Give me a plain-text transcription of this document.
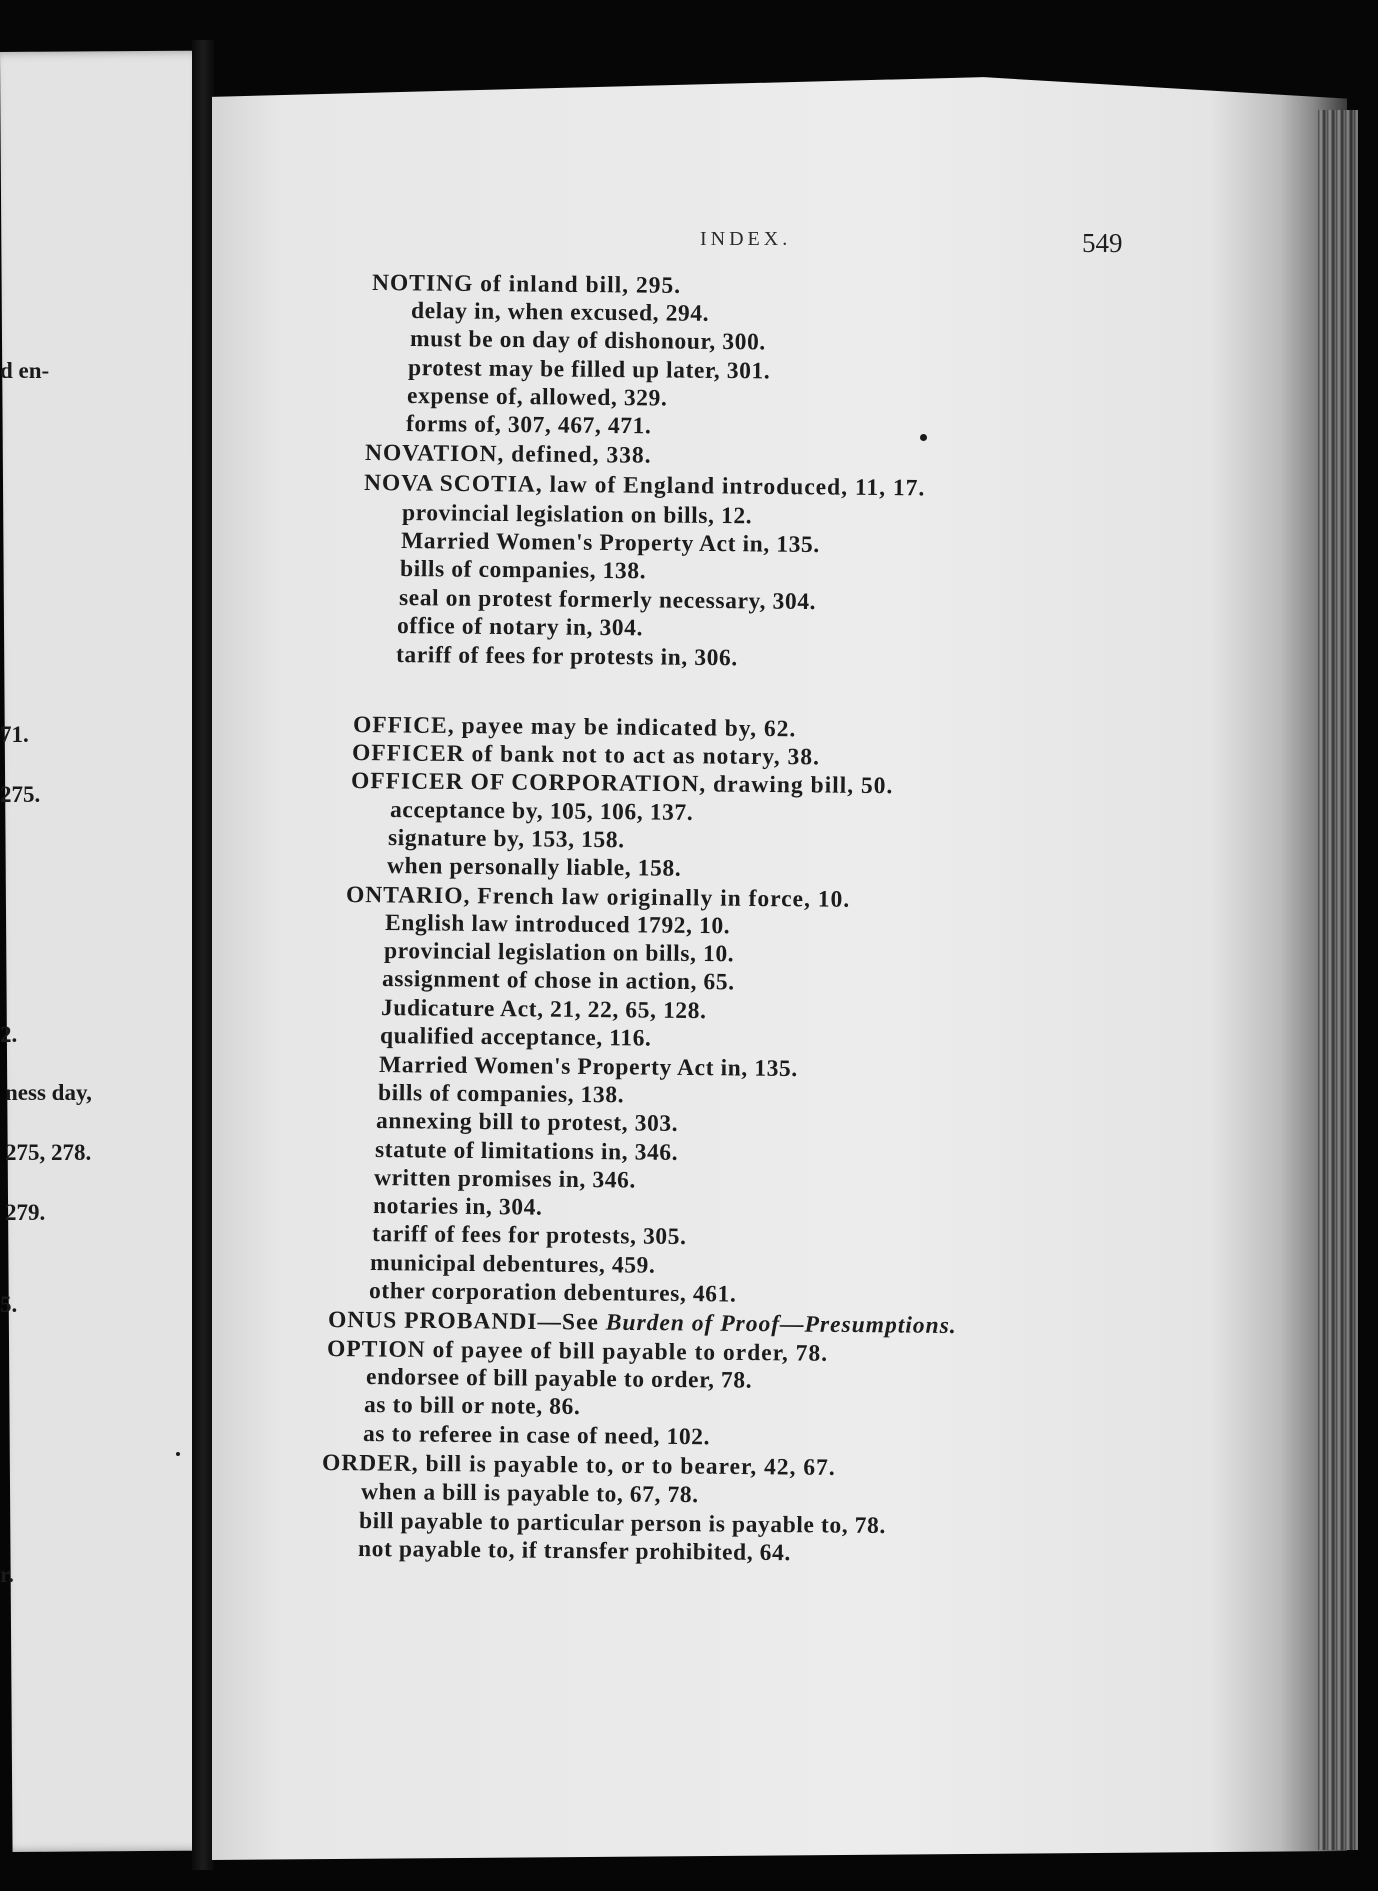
d en-
71.
275.
2.
ness day,
275, 278.
279.
5.
r.
INDEX.	549
NOTING of inland bill, 295.
delay in, when excused, 294.
must be on day of dishonour, 300.
protest may be filled up later, 301.
expense of, allowed, 329.
forms of, 307, 467, 471.
NOVATION, defined, 338.
NOVA SCOTIA, law of England introduced, 11, 17.
provincial legislation on bills, 12.
Married Women's Property Act in, 135.
bills of companies, 138.
seal on protest formerly necessary, 304.
office of notary in, 304.
tariff of fees for protests in, 306.
OFFICE, payee may be indicated by, 62.
OFFICER of bank not to act as notary, 38.
OFFICER OF CORPORATION, drawing bill, 50.
acceptance by, 105, 106, 137.
signature by, 153, 158.
when personally liable, 158.
ONTARIO, French law originally in force, 10.
English law introduced 1792, 10.
provincial legislation on bills, 10.
assignment of chose in action, 65.
Judicature Act, 21, 22, 65, 128.
qualified acceptance, 116.
Married Women's Property Act in, 135.
bills of companies, 138.
annexing bill to protest, 303.
statute of limitations in, 346.
written promises in, 346.
notaries in, 304.
tariff of fees for protests, 305.
municipal debentures, 459.
other corporation debentures, 461.
ONUS PROBANDI—See Burden of Proof—Presumptions.
OPTION of payee of bill payable to order, 78.
endorsee of bill payable to order, 78.
as to bill or note, 86.
as to referee in case of need, 102.
ORDER, bill is payable to, or to bearer, 42, 67.
when a bill is payable to, 67, 78.
bill payable to particular person is payable to, 78.
not payable to, if transfer prohibited, 64.
